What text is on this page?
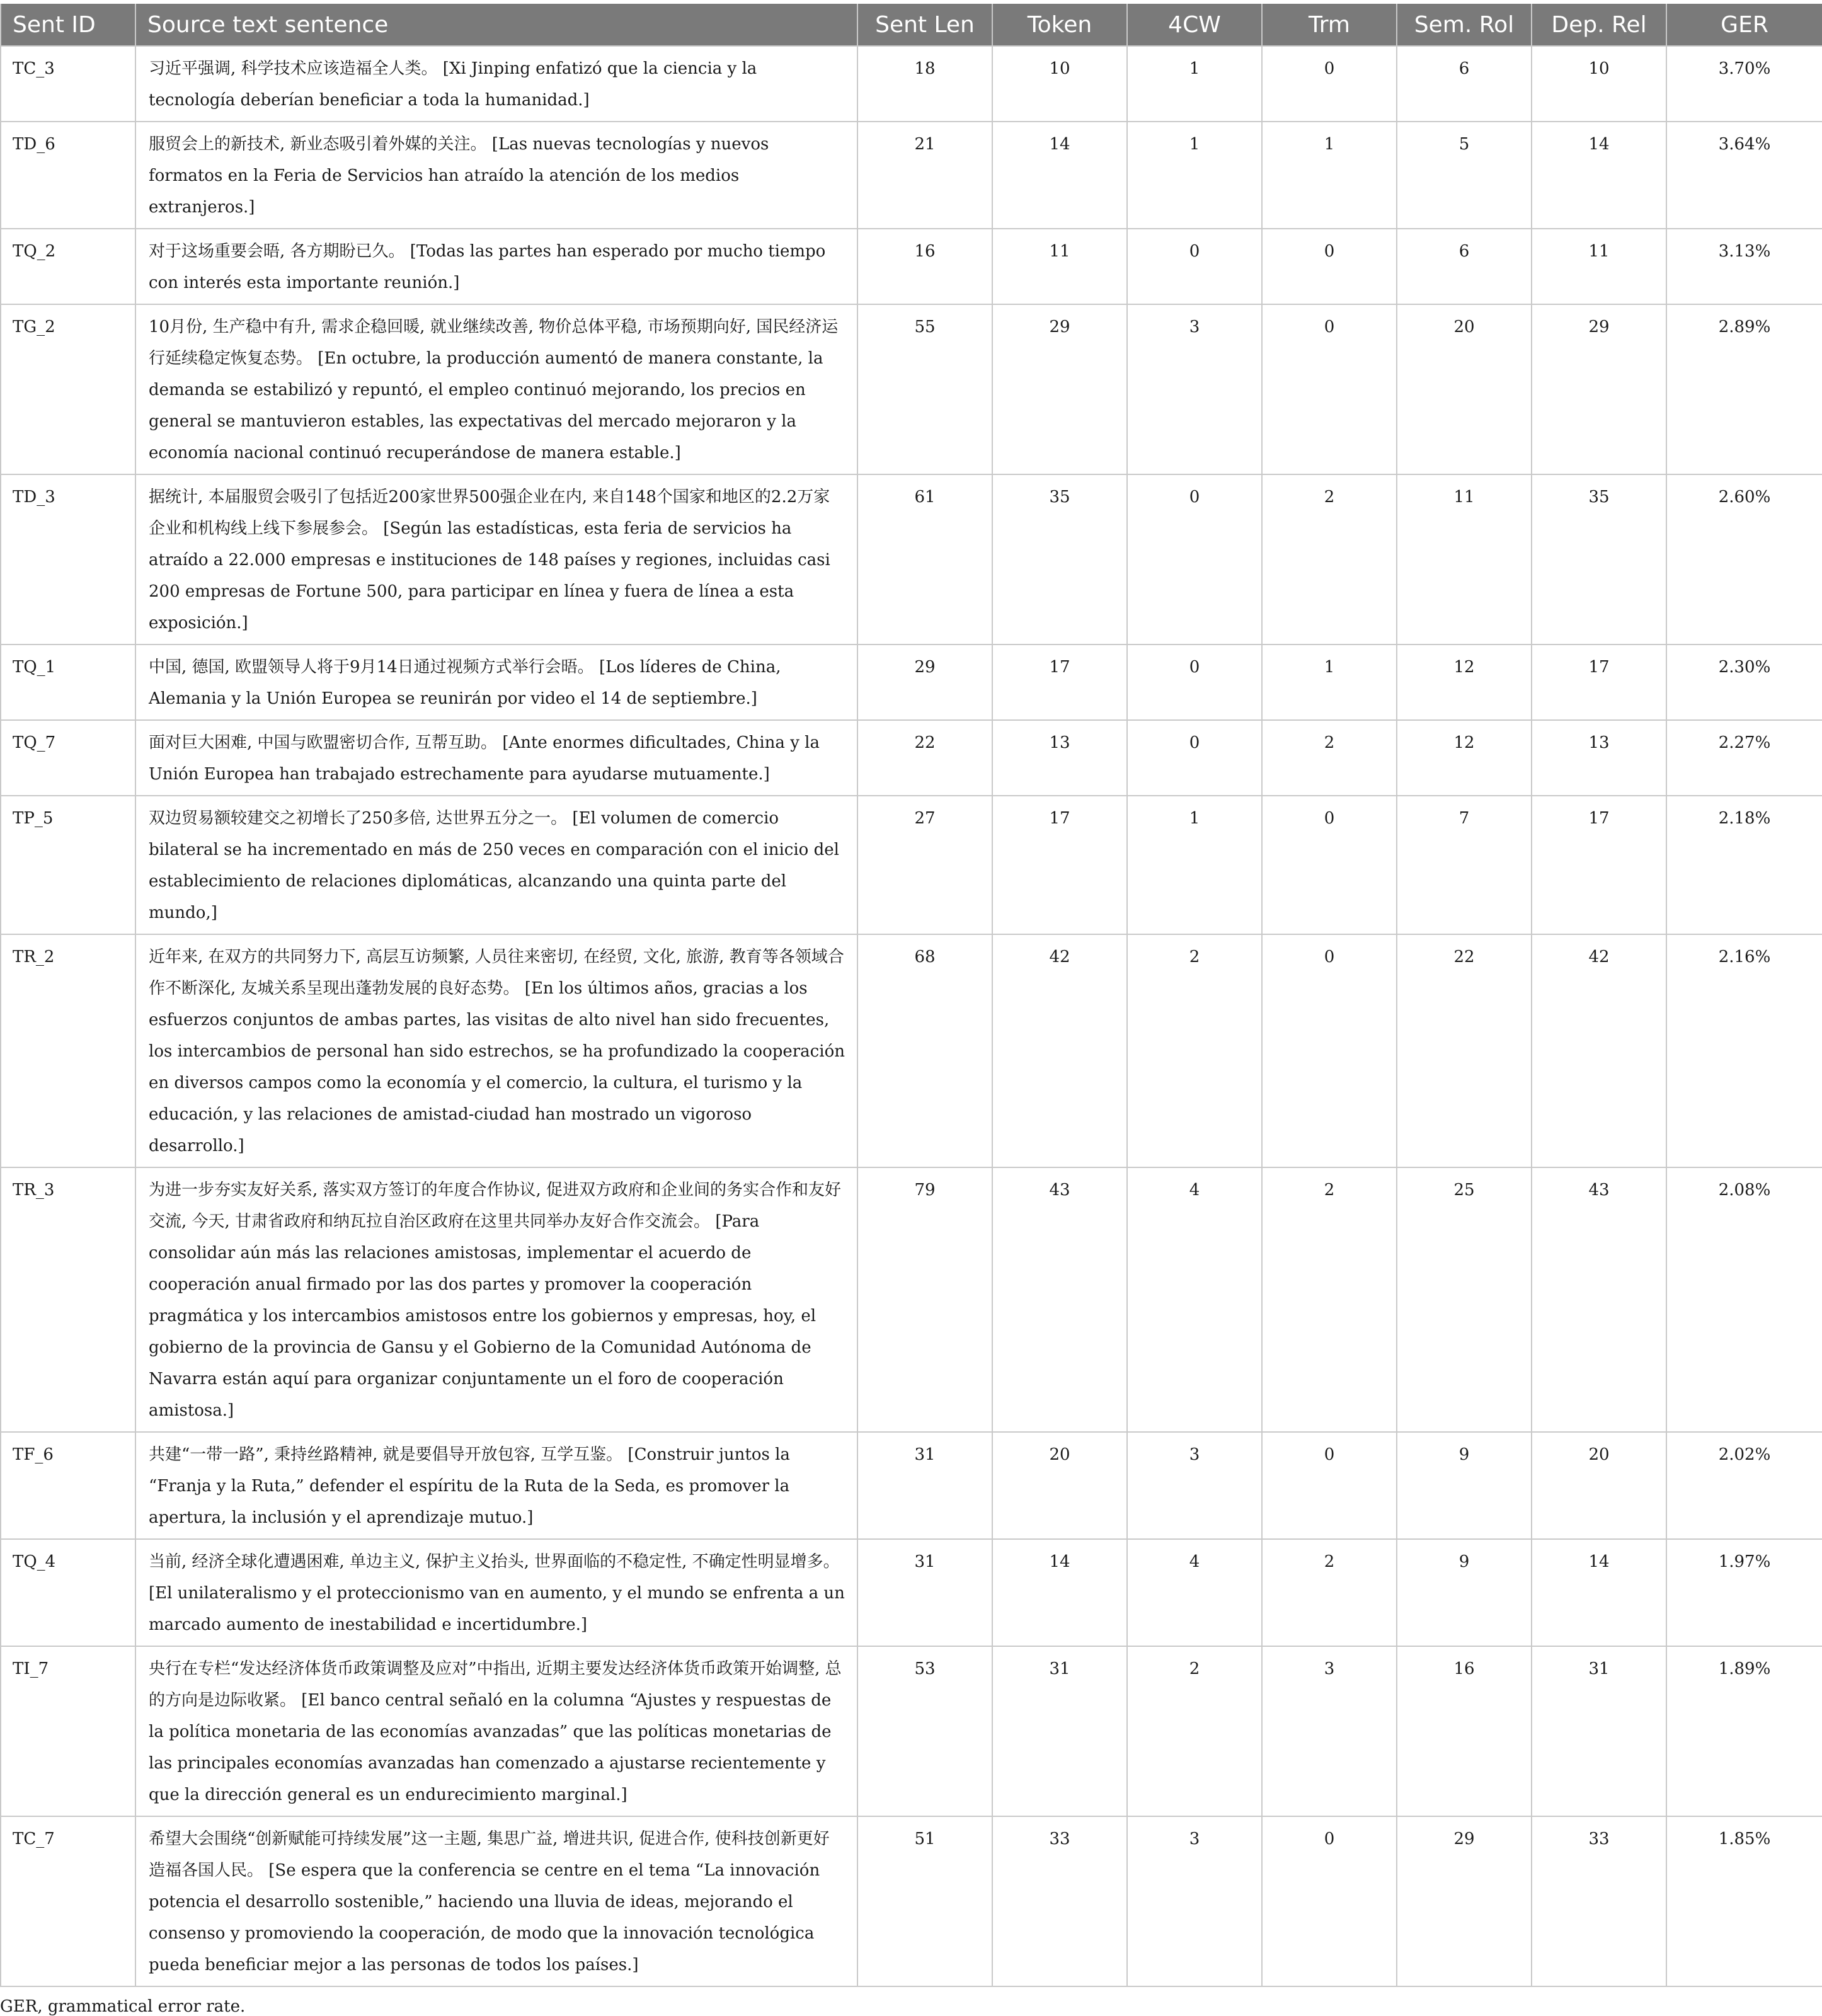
Sent ID	Source text sentence	Sent Len	Token	4CW	Trm	Sem. Rol	Dep. Rel	GER
TC_3	习近平强调, 科学技术应该造福全人类。 [Xi Jinping enfatizó que la ciencia y la tecnología deberían beneficiar a toda la humanidad.]	18	10	1	0	6	10	3.70%
TD_6	服贸会上的新技术, 新业态吸引着外媒的关注。 [Las nuevas tecnologías y nuevos formatos en la Feria de Servicios han atraído la atención de los medios extranjeros.]	21	14	1	1	5	14	3.64%
TQ_2	对于这场重要会晤, 各方期盼已久。 [Todas las partes han esperado por mucho tiempo con interés esta importante reunión.]	16	11	0	0	6	11	3.13%
TG_2	10月份, 生产稳中有升, 需求企稳回暖, 就业继续改善, 物价总体平稳, 市场预期向好, 国民经济运行延续稳定恢复态势。 [En octubre, la producción aumentó de manera constante, la demanda se estabilizó y repuntó, el empleo continuó mejorando, los precios en general se mantuvieron estables, las expectativas del mercado mejoraron y la economía nacional continuó recuperándose de manera estable.]	55	29	3	0	20	29	2.89%
TD_3	据统计, 本届服贸会吸引了包括近200家世界500强企业在内, 来自148个国家和地区的2.2万家企业和机构线上线下参展参会。 [Según las estadísticas, esta feria de servicios ha atraído a 22.000 empresas e instituciones de 148 países y regiones, incluidas casi 200 empresas de Fortune 500, para participar en línea y fuera de línea a esta exposición.]	61	35	0	2	11	35	2.60%
TQ_1	中国, 德国, 欧盟领导人将于9月14日通过视频方式举行会晤。 [Los líderes de China, Alemania y la Unión Europea se reunirán por video el 14 de septiembre.]	29	17	0	1	12	17	2.30%
TQ_7	面对巨大困难, 中国与欧盟密切合作, 互帮互助。 [Ante enormes dificultades, China y la Unión Europea han trabajado estrechamente para ayudarse mutuamente.]	22	13	0	2	12	13	2.27%
TP_5	双边贸易额较建交之初增长了250多倍, 达世界五分之一。 [El volumen de comercio bilateral se ha incrementado en más de 250 veces en comparación con el inicio del establecimiento de relaciones diplomáticas, alcanzando una quinta parte del mundo,]	27	17	1	0	7	17	2.18%
TR_2	近年来, 在双方的共同努力下, 高层互访频繁, 人员往来密切, 在经贸, 文化, 旅游, 教育等各领域合作不断深化, 友城关系呈现出蓬勃发展的良好态势。 [En los últimos años, gracias a los esfuerzos conjuntos de ambas partes, las visitas de alto nivel han sido frecuentes, los intercambios de personal han sido estrechos, se ha profundizado la cooperación en diversos campos como la economía y el comercio, la cultura, el turismo y la educación, y las relaciones de amistad-ciudad han mostrado un vigoroso desarrollo.]	68	42	2	0	22	42	2.16%
TR_3	为进一步夯实友好关系, 落实双方签订的年度合作协议, 促进双方政府和企业间的务实合作和友好交流, 今天, 甘肃省政府和纳瓦拉自治区政府在这里共同举办友好合作交流会。 [Para consolidar aún más las relaciones amistosas, implementar el acuerdo de cooperación anual firmado por las dos partes y promover la cooperación pragmática y los intercambios amistosos entre los gobiernos y empresas, hoy, el gobierno de la provincia de Gansu y el Gobierno de la Comunidad Autónoma de Navarra están aquí para organizar conjuntamente un el foro de cooperación amistosa.]	79	43	4	2	25	43	2.08%
TF_6	共建“一带一路”, 秉持丝路精神, 就是要倡导开放包容, 互学互鉴。 [Construir juntos la “Franja y la Ruta,” defender el espíritu de la Ruta de la Seda, es promover la apertura, la inclusión y el aprendizaje mutuo.]	31	20	3	0	9	20	2.02%
TQ_4	当前, 经济全球化遭遇困难, 单边主义, 保护主义抬头, 世界面临的不稳定性, 不确定性明显增多。 [El unilateralismo y el proteccionismo van en aumento, y el mundo se enfrenta a un marcado aumento de inestabilidad e incertidumbre.]	31	14	4	2	9	14	1.97%
TI_7	央行在专栏“发达经济体货币政策调整及应对”中指出, 近期主要发达经济体货币政策开始调整, 总的方向是边际收紧。 [El banco central señaló en la columna “Ajustes y respuestas de la política monetaria de las economías avanzadas” que las políticas monetarias de las principales economías avanzadas han comenzado a ajustarse recientemente y que la dirección general es un endurecimiento marginal.]	53	31	2	3	16	31	1.89%
TC_7	希望大会围绕“创新赋能可持续发展”这一主题, 集思广益, 增进共识, 促进合作, 使科技创新更好造福各国人民。 [Se espera que la conferencia se centre en el tema “La innovación potencia el desarrollo sostenible,” haciendo una lluvia de ideas, mejorando el consenso y promoviendo la cooperación, de modo que la innovación tecnológica pueda beneficiar mejor a las personas de todos los países.]	51	33	3	0	29	33	1.85%
GER, grammatical error rate.
